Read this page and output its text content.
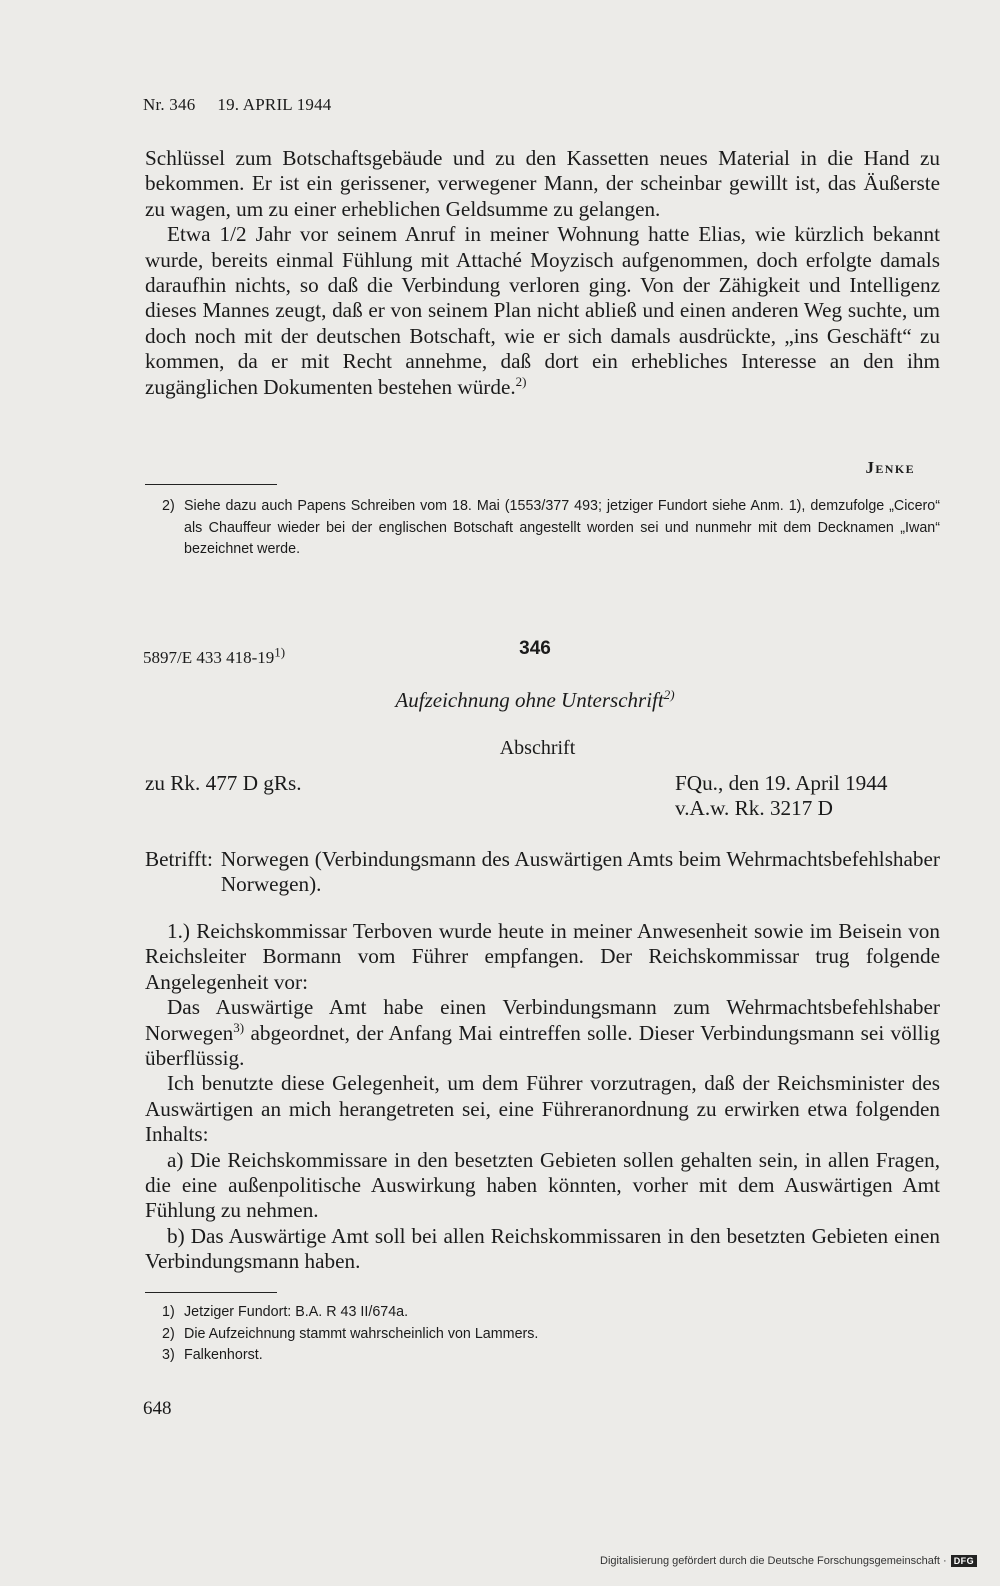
Nr. 346 19. APRIL 1944

Schlüssel zum Botschaftsgebäude und zu den Kassetten neues Material in die Hand zu bekommen. Er ist ein gerissener, verwegener Mann, der scheinbar gewillt ist, das Äußerste zu wagen, um zu einer erheblichen Geldsumme zu gelangen.

Etwa 1/2 Jahr vor seinem Anruf in meiner Wohnung hatte Elias, wie kürzlich bekannt wurde, bereits einmal Fühlung mit Attaché Moyzisch aufgenommen, doch erfolgte damals daraufhin nichts, so daß die Verbindung verloren ging. Von der Zähigkeit und Intelligenz dieses Mannes zeugt, daß er von seinem Plan nicht abließ und einen anderen Weg suchte, um doch noch mit der deutschen Botschaft, wie er sich damals ausdrückte, „ins Geschäft“ zu kommen, da er mit Recht annehme, daß dort ein erhebliches Interesse an den ihm zugänglichen Dokumenten bestehen würde.$^{2)}$

Jenke
2) Siehe dazu auch Papens Schreiben vom 18. Mai (1553/377 493; jetziger Fundort siehe Anm. 1), demzufolge „Cicero“ als Chauffeur wieder bei der englischen Botschaft angestellt worden sei und nunmehr mit dem Decknamen „Iwan“ bezeichnet werde.
346
5897/E 433 418-19$^{1)}$
Aufzeichnung ohne Unterschrift$^{2)}$
Abschrift
zu Rk. 477 D gRs.	FQu., den 19. April 1944
v.A.w. Rk. 3217 D
Betrifft: Norwegen (Verbindungsmann des Auswärtigen Amts beim Wehrmachtsbefehlshaber Norwegen).

1.) Reichskommissar Terboven wurde heute in meiner Anwesenheit sowie im Beisein von Reichsleiter Bormann vom Führer empfangen. Der Reichskommissar trug folgende Angelegenheit vor:

Das Auswärtige Amt habe einen Verbindungsmann zum Wehrmachtsbefehlshaber Norwegen$^{3)}$ abgeordnet, der Anfang Mai eintreffen solle. Dieser Verbindungsmann sei völlig überflüssig.

Ich benutzte diese Gelegenheit, um dem Führer vorzutragen, daß der Reichsminister des Auswärtigen an mich herangetreten sei, eine Führeranordnung zu erwirken etwa folgenden Inhalts:

a) Die Reichskommissare in den besetzten Gebieten sollen gehalten sein, in allen Fragen, die eine außenpolitische Auswirkung haben könnten, vorher mit dem Auswärtigen Amt Fühlung zu nehmen.

b) Das Auswärtige Amt soll bei allen Reichskommissaren in den besetzten Gebieten einen Verbindungsmann haben.

1) Jetziger Fundort: B.A. R 43 II/674a.
2) Die Aufzeichnung stammt wahrscheinlich von Lammers.
3) Falkenhorst.
648
Digitalisierung gefördert durch die Deutsche Forschungsgemeinschaft · DFG
